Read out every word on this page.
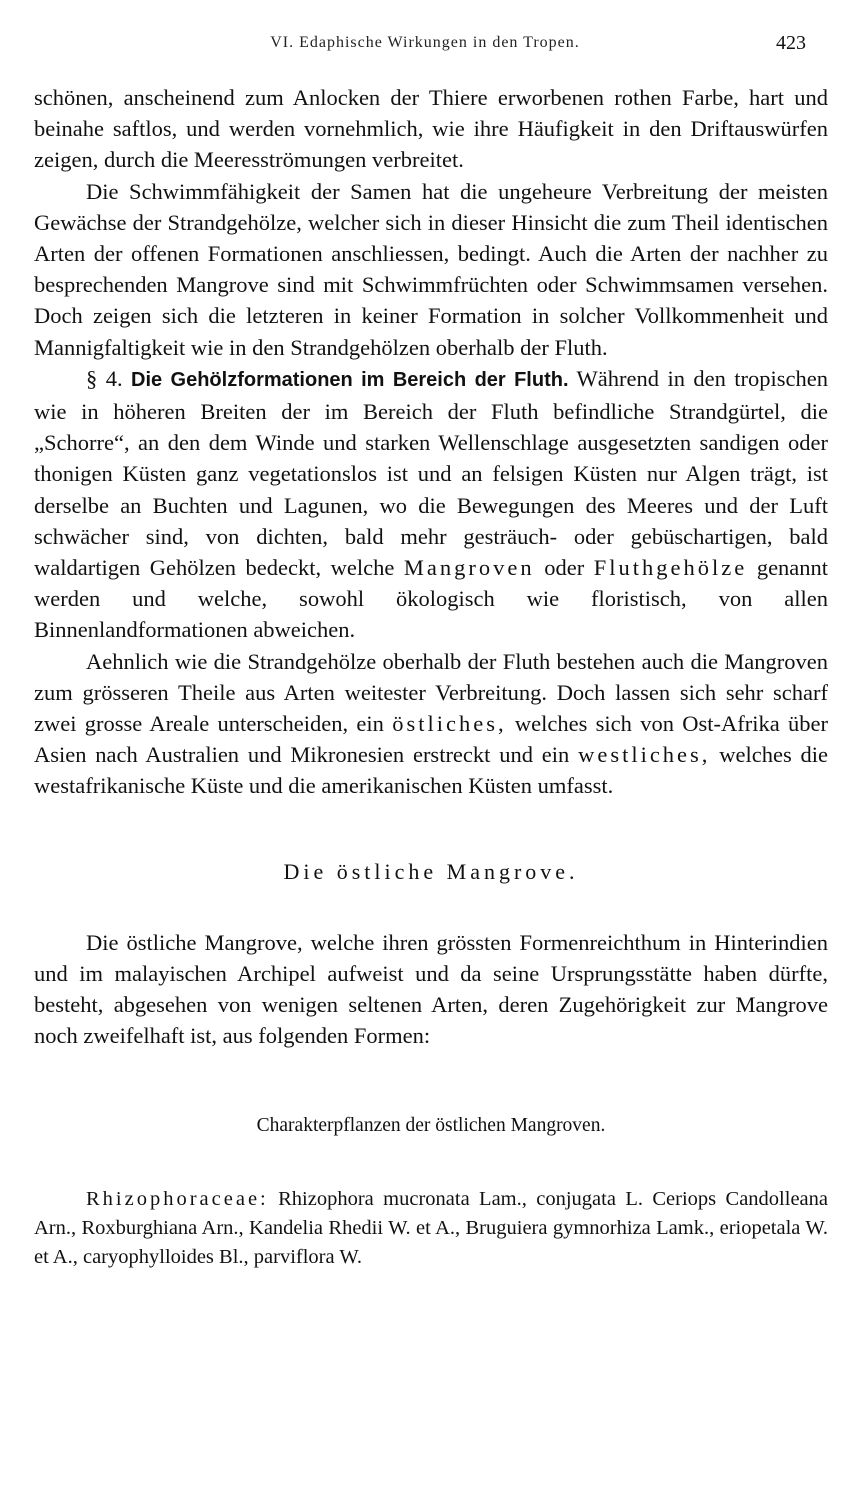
VI. Edaphische Wirkungen in den Tropen.	423

schönen, anscheinend zum Anlocken der Thiere erworbenen rothen Farbe, hart und beinahe saftlos, und werden vornehmlich, wie ihre Häufigkeit in den Driftauswürfen zeigen, durch die Meeresströmungen verbreitet.

Die Schwimmfähigkeit der Samen hat die ungeheure Verbreitung der meisten Gewächse der Strandgehölze, welcher sich in dieser Hinsicht die zum Theil identischen Arten der offenen Formationen anschliessen, bedingt. Auch die Arten der nachher zu besprechenden Mangrove sind mit Schwimmfrüchten oder Schwimmsamen versehen. Doch zeigen sich die letzteren in keiner Formation in solcher Vollkommenheit und Mannigfaltigkeit wie in den Strandgehölzen oberhalb der Fluth.

§ 4. Die Gehölzformationen im Bereich der Fluth. Während in den tropischen wie in höheren Breiten der im Bereich der Fluth befindliche Strandgürtel, die „Schorre“, an den dem Winde und starken Wellenschlage ausgesetzten sandigen oder thonigen Küsten ganz vegetationslos ist und an felsigen Küsten nur Algen trägt, ist derselbe an Buchten und Lagunen, wo die Bewegungen des Meeres und der Luft schwächer sind, von dichten, bald mehr gesträuch- oder gebüschartigen, bald waldartigen Gehölzen bedeckt, welche Mangroven oder Fluthgehölze genannt werden und welche, sowohl ökologisch wie floristisch, von allen Binnenlandformationen abweichen.

Aehnlich wie die Strandgehölze oberhalb der Fluth bestehen auch die Mangroven zum grösseren Theile aus Arten weitester Verbreitung. Doch lassen sich sehr scharf zwei grosse Areale unterscheiden, ein östliches, welches sich von Ost-Afrika über Asien nach Australien und Mikronesien erstreckt und ein westliches, welches die westafrikanische Küste und die amerikanischen Küsten umfasst.

Die östliche Mangrove.

Die östliche Mangrove, welche ihren grössten Formenreichthum in Hinterindien und im malayischen Archipel aufweist und da seine Ursprungsstätte haben dürfte, besteht, abgesehen von wenigen seltenen Arten, deren Zugehörigkeit zur Mangrove noch zweifelhaft ist, aus folgenden Formen:

Charakterpflanzen der östlichen Mangroven.

Rhizophoraceae: Rhizophora mucronata Lam., conjugata L. Ceriops Candolleana Arn., Roxburghiana Arn., Kandelia Rhedii W. et A., Bruguiera gymnorhiza Lamk., eriopetala W. et A., caryophylloides Bl., parviflora W.
